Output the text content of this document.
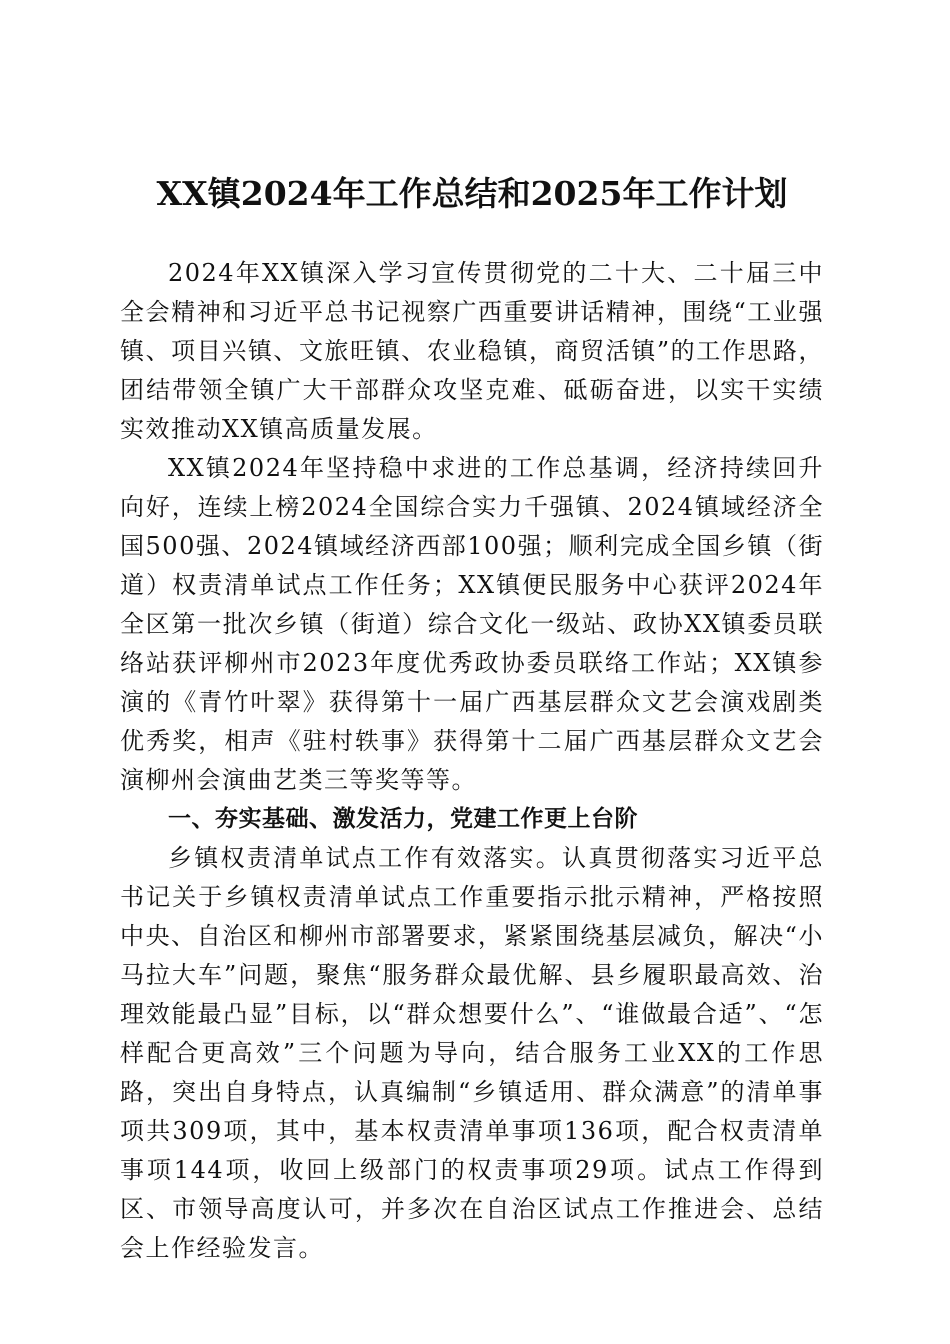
XX镇2024年工作总结和2025年工作计划

2024年XX镇深入学习宣传贯彻党的二十大、二十届三中全会精神和习近平总书记视察广西重要讲话精神，围绕“工业强镇、项目兴镇、文旅旺镇、农业稳镇，商贸活镇”的工作思路，团结带领全镇广大干部群众攻坚克难、砥砺奋进，以实干实绩实效推动XX镇高质量发展。

XX镇2024年坚持稳中求进的工作总基调，经济持续回升向好，连续上榜2024全国综合实力千强镇、2024镇域经济全国500强、2024镇域经济西部100强；顺利完成全国乡镇（街道）权责清单试点工作任务；XX镇便民服务中心获评2024年全区第一批次乡镇（街道）综合文化一级站、政协XX镇委员联络站获评柳州市2023年度优秀政协委员联络工作站；XX镇参演的《青竹叶翠》获得第十一届广西基层群众文艺会演戏剧类优秀奖，相声《驻村轶事》获得第十二届广西基层群众文艺会演柳州会演曲艺类三等奖等等。

一、夯实基础、激发活力，党建工作更上台阶

乡镇权责清单试点工作有效落实。认真贯彻落实习近平总书记关于乡镇权责清单试点工作重要指示批示精神，严格按照中央、自治区和柳州市部署要求，紧紧围绕基层减负，解决“小马拉大车”问题，聚焦“服务群众最优解、县乡履职最高效、治理效能最凸显”目标，以“群众想要什么”、“谁做最合适”、“怎样配合更高效”三个问题为导向，结合服务工业XX的工作思路，突出自身特点，认真编制“乡镇适用、群众满意”的清单事项共309项，其中，基本权责清单事项136项，配合权责清单事项144项，收回上级部门的权责事项29项。试点工作得到区、市领导高度认可，并多次在自治区试点工作推进会、总结会上作经验发言。
